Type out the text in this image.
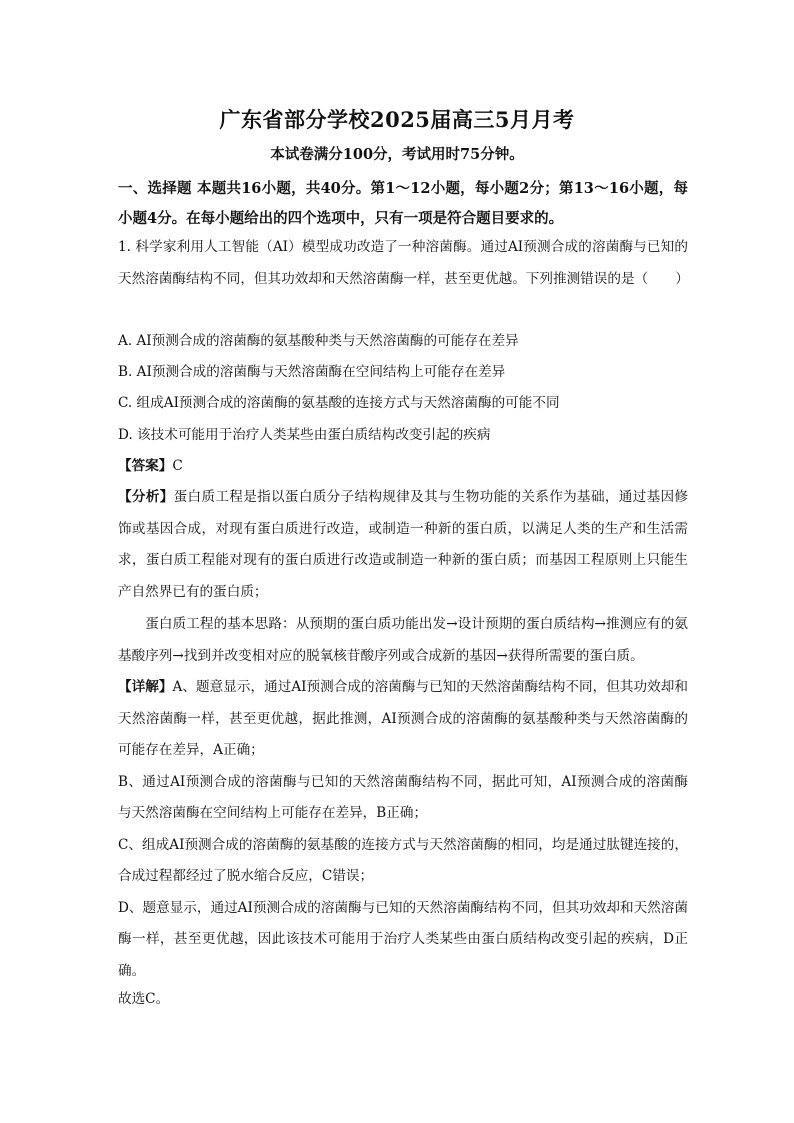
广东省部分学校2025届高三5月月考

本试卷满分100分，考试用时75分钟。

一、选择题 本题共16小题，共40分。第1～12小题，每小题2分；第13～16小题，每小题4分。在每小题给出的四个选项中，只有一项是符合题目要求的。

1. 科学家利用人工智能（AI）模型成功改造了一种溶菌酶。通过AI预测合成的溶菌酶与已知的天然溶菌酶结构不同，但其功效却和天然溶菌酶一样，甚至更优越。下列推测错误的是（　　）

A. AI预测合成的溶菌酶的氨基酸种类与天然溶菌酶的可能存在差异

B. AI预测合成的溶菌酶与天然溶菌酶在空间结构上可能存在差异

C. 组成AI预测合成的溶菌酶的氨基酸的连接方式与天然溶菌酶的可能不同

D. 该技术可能用于治疗人类某些由蛋白质结构改变引起的疾病

【答案】C

【分析】蛋白质工程是指以蛋白质分子结构规律及其与生物功能的关系作为基础，通过基因修饰或基因合成，对现有蛋白质进行改造，或制造一种新的蛋白质，以满足人类的生产和生活需求，蛋白质工程能对现有的蛋白质进行改造或制造一种新的蛋白质；而基因工程原则上只能生产自然界已有的蛋白质；

蛋白质工程的基本思路：从预期的蛋白质功能出发→设计预期的蛋白质结构→推测应有的氨基酸序列→找到并改变相对应的脱氧核苷酸序列或合成新的基因→获得所需要的蛋白质。

【详解】A、题意显示，通过AI预测合成的溶菌酶与已知的天然溶菌酶结构不同，但其功效却和天然溶菌酶一样，甚至更优越，据此推测，AI预测合成的溶菌酶的氨基酸种类与天然溶菌酶的可能存在差异，A正确；
B、通过AI预测合成的溶菌酶与已知的天然溶菌酶结构不同，据此可知，AI预测合成的溶菌酶与天然溶菌酶在空间结构上可能存在差异，B正确；
C、组成AI预测合成的溶菌酶的氨基酸的连接方式与天然溶菌酶的相同，均是通过肽键连接的，合成过程都经过了脱水缩合反应，C错误；
D、题意显示，通过AI预测合成的溶菌酶与已知的天然溶菌酶结构不同，但其功效却和天然溶菌酶一样，甚至更优越，因此该技术可能用于治疗人类某些由蛋白质结构改变引起的疾病，D正确。

故选C。
